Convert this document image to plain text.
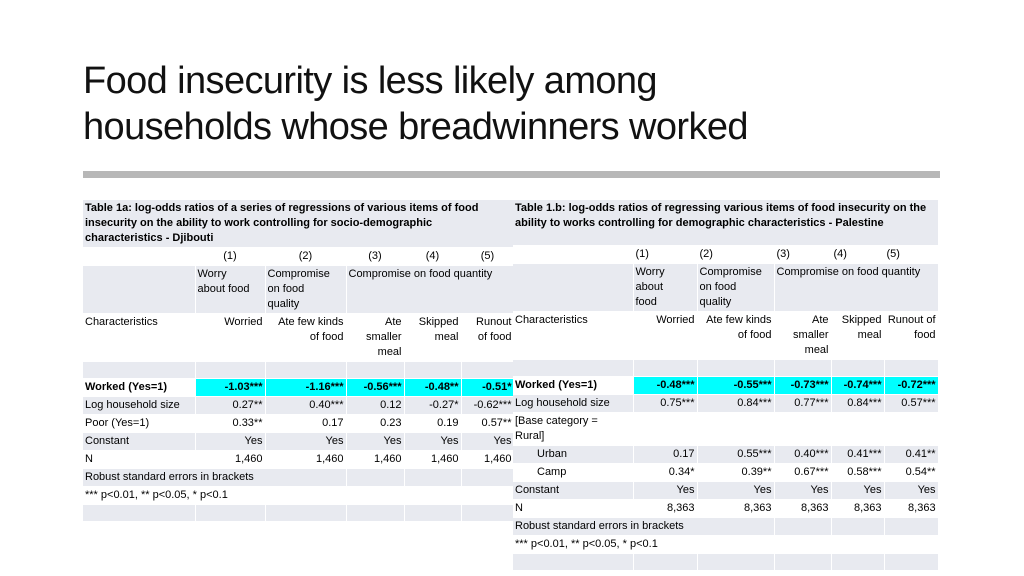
Food insecurity is less likely among
households whose breadwinners worked
Table 1a: log-odds ratios of a series of regressions of various items of food insecurity on the ability to work controlling for socio-demographic characteristics - Djibouti					
	(1)	(2)	(3)	(4)	(5)

	Worry
about food	Compromise
on food
quality	Compromise on food quantity		
Characteristics	Worried	Ate few kinds
of food	Ate
smaller
meal	Skipped
meal	Runout
of food

Worked (Yes=1)	-1.03***	-1.16***	-0.56***	-0.48**	-0.51*
Log household size	0.27**	0.40***	0.12	-0.27*	-0.62***
Poor (Yes=1)	0.33**	0.17	0.23	0.19	0.57**
Constant	Yes	Yes	Yes	Yes	Yes
N	1,460	1,460	1,460	1,460	1,460
Robust standard errors in brackets					
*** p<0.01, ** p<0.05, * p<0.1					

Table 1.b: log-odds ratios of regressing various items of food insecurity on the ability to works controlling for demographic characteristics - Palestine					
	(1)	(2)	(3)	(4)	(5)

	Worry
about
food	Compromise
on food
quality	Compromise on food quantity		
Characteristics	Worried	Ate few kinds
of food	Ate
smaller
meal	Skipped
meal	Runout of
food

Worked (Yes=1)	-0.48***	-0.55***	-0.73***	-0.74***	-0.72***
Log household size	0.75***	0.84***	0.77***	0.84***	0.57***

[Base category =
Rural]					

Urban	0.17	0.55***	0.40***	0.41***	0.41**
Camp	0.34*	0.39**	0.67***	0.58***	0.54**
Constant	Yes	Yes	Yes	Yes	Yes
N	8,363	8,363	8,363	8,363	8,363
Robust standard errors in brackets					
*** p<0.01, ** p<0.05, * p<0.1					
